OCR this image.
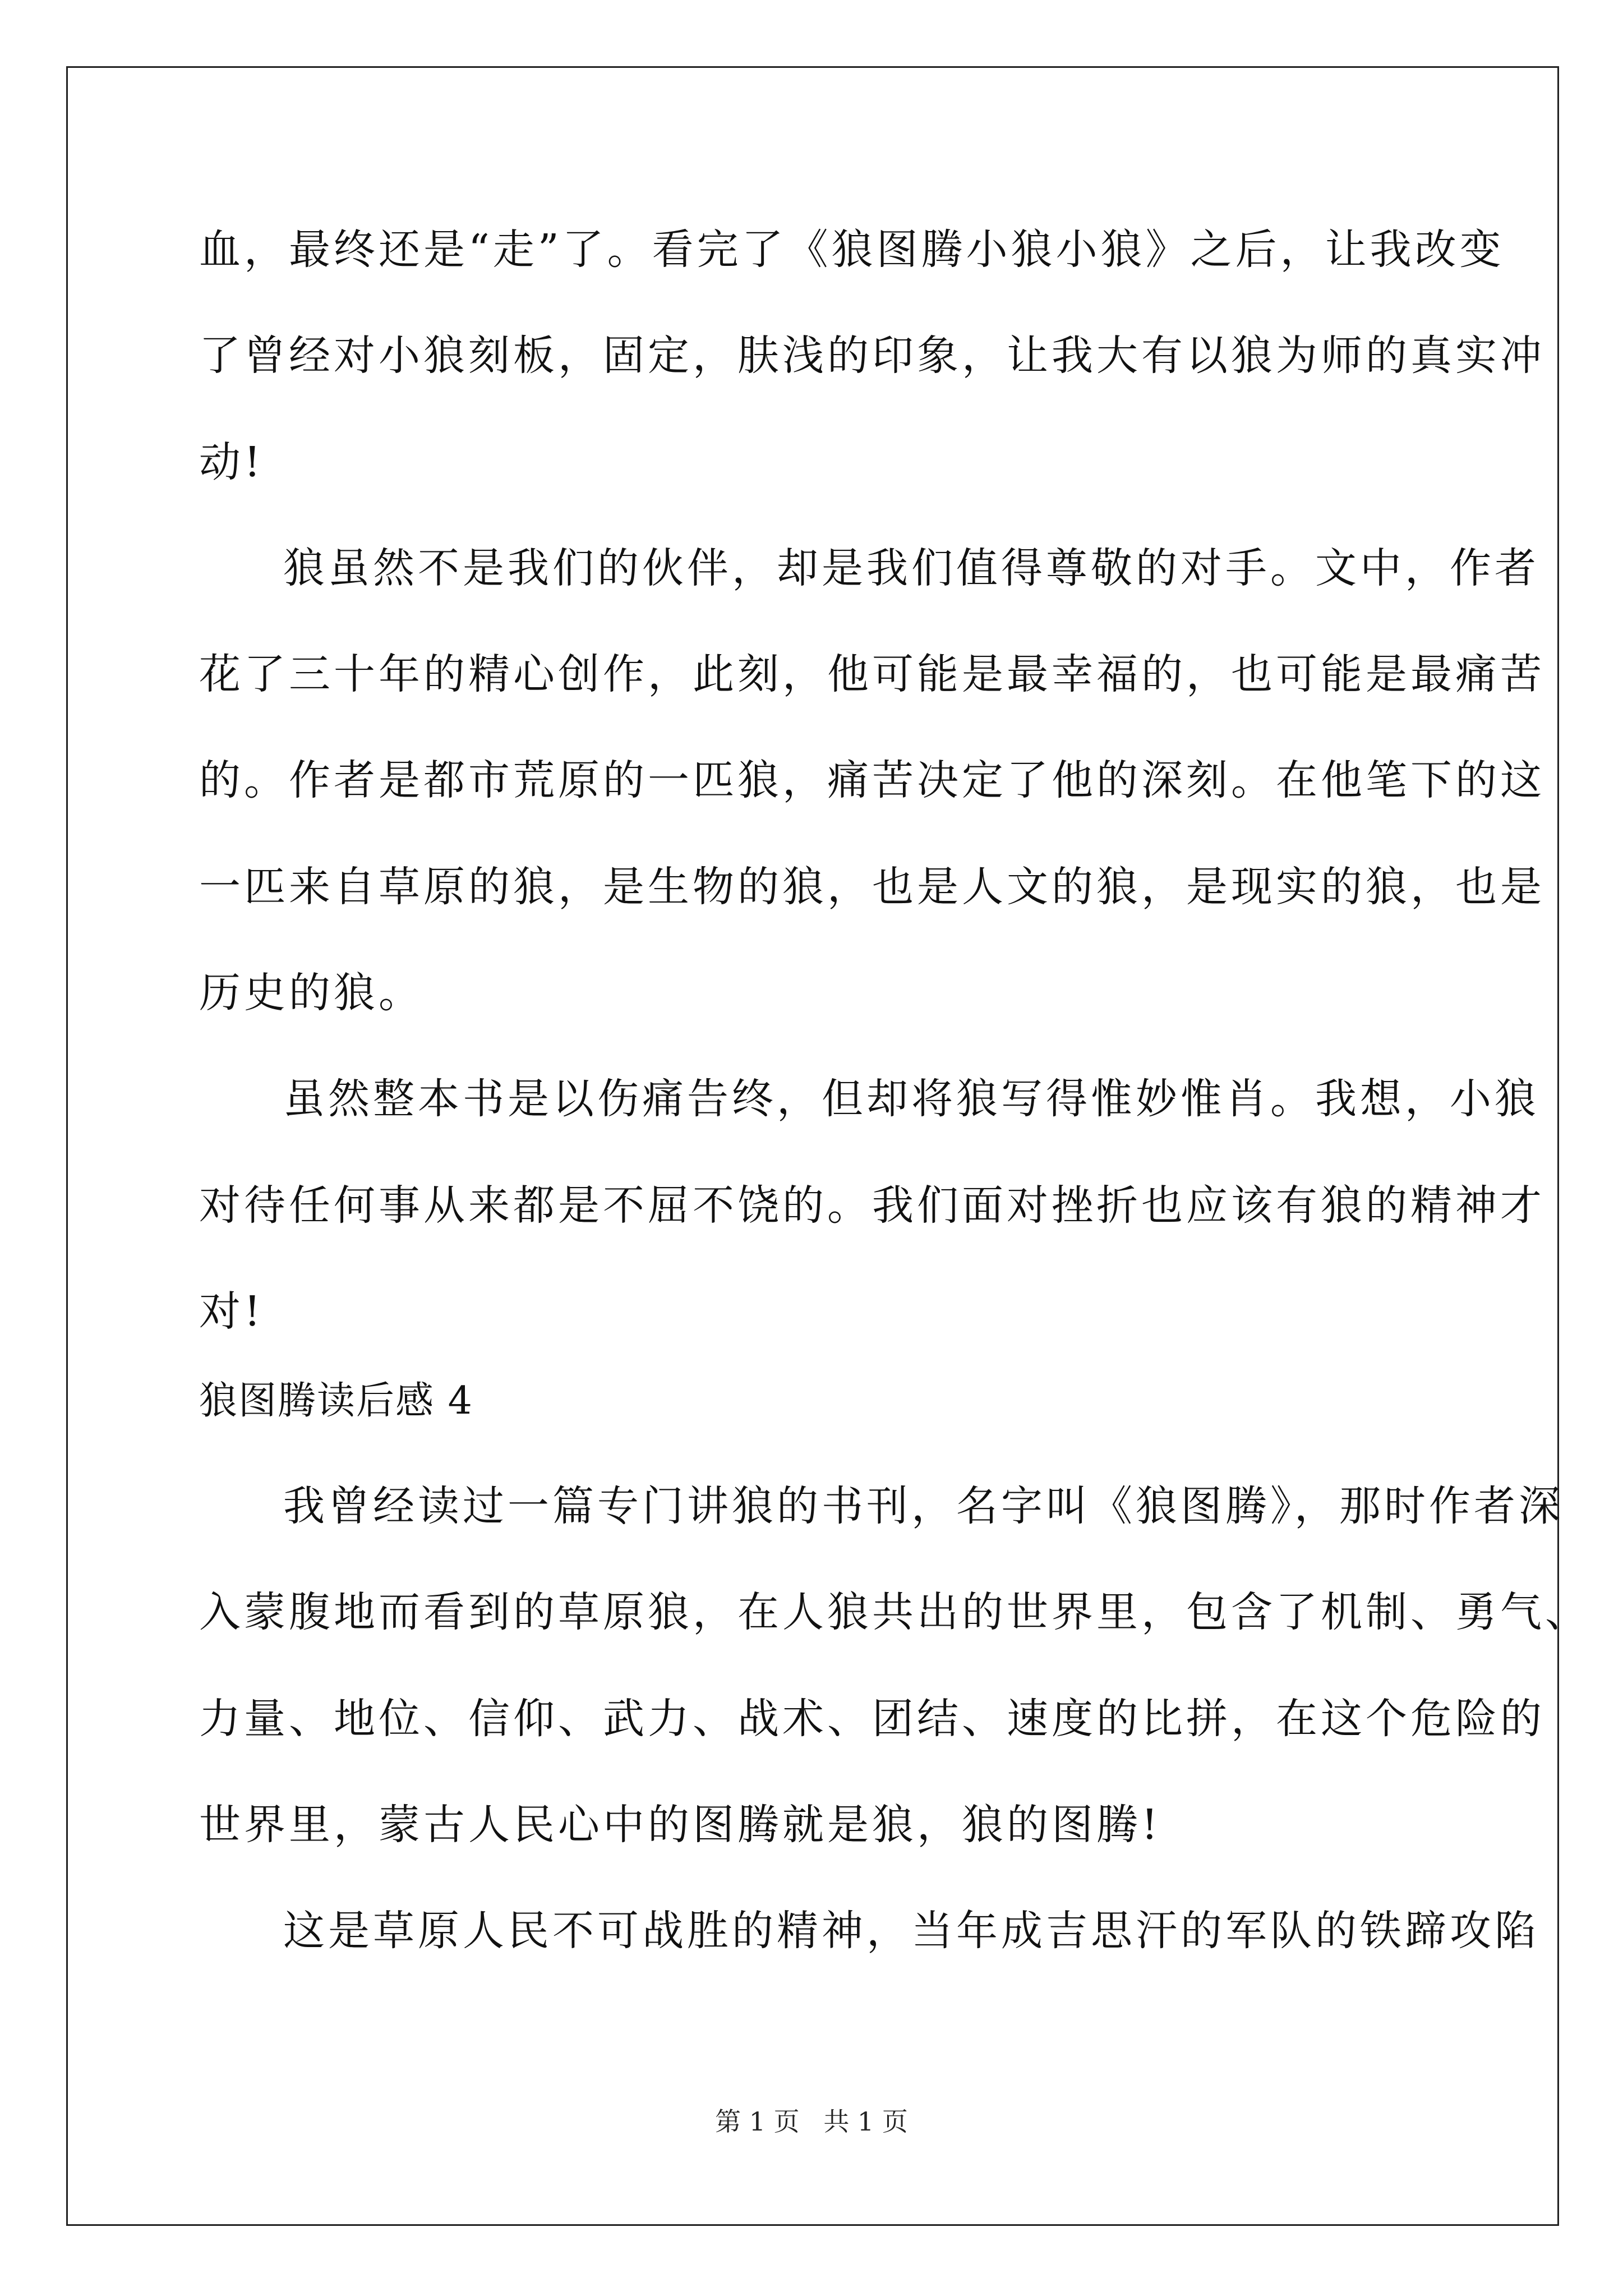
血，最终还是“走”了。看完了《狼图腾小狼小狼》之后，让我改变
了曾经对小狼刻板，固定，肤浅的印象，让我大有以狼为师的真实冲
动!
狼虽然不是我们的伙伴，却是我们值得尊敬的对手。文中，作者
花了三十年的精心创作，此刻，他可能是最幸福的，也可能是最痛苦
的。作者是都市荒原的一匹狼，痛苦决定了他的深刻。在他笔下的这
一匹来自草原的狼，是生物的狼，也是人文的狼，是现实的狼，也是
历史的狼。
虽然整本书是以伤痛告终，但却将狼写得惟妙惟肖。我想，小狼
对待任何事从来都是不屈不饶的。我们面对挫折也应该有狼的精神才
对!
狼图腾读后感 4
我曾经读过一篇专门讲狼的书刊，名字叫《狼图腾》，那时作者深
入蒙腹地而看到的草原狼，在人狼共出的世界里，包含了机制、勇气、
力量、地位、信仰、武力、战术、团结、速度的比拼，在这个危险的
世界里，蒙古人民心中的图腾就是狼，狼的图腾!
这是草原人民不可战胜的精神，当年成吉思汗的军队的铁蹄攻陷
第 1 页 共 1 页
